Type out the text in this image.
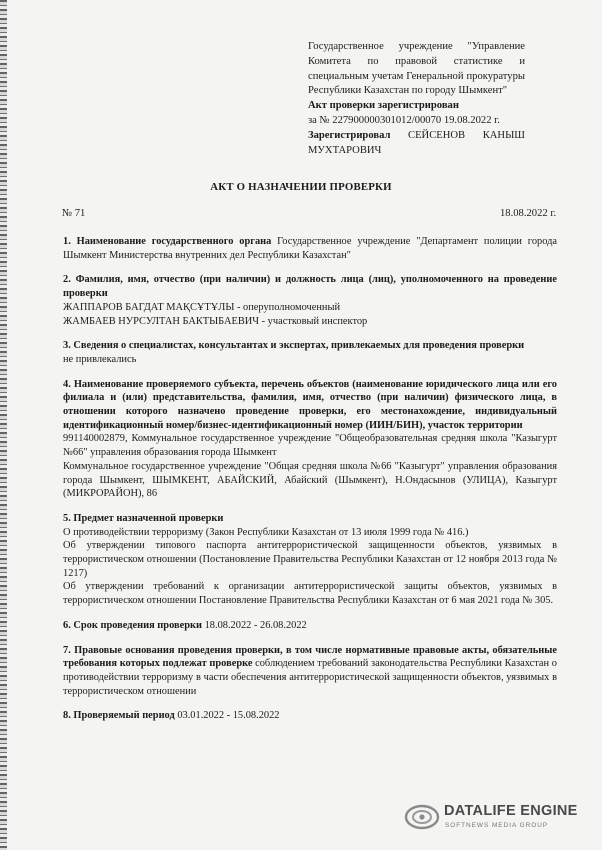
Государственное учреждение "Управление Комитета по правовой статистике и специальным учетам Генеральной прокуратуры Республики Казахстан по городу Шымкент"

Акт проверки зарегистрирован

за № 227900000301012/00070 19.08.2022 г.

Зарегистрировал СЕЙСЕНОВ КАНЫШ

МУХТАРОВИЧ

АКТ О НАЗНАЧЕНИИ ПРОВЕРКИ
№ 71	18.08.2022 г.

1. Наименование государственного органа Государственное учреждение "Департамент полиции города Шымкент Министерства внутренних дел Республики Казахстан"

2. Фамилия, имя, отчество (при наличии) и должность лица (лиц), уполномоченного на проведение проверки

ЖАППАРОВ БАГДАТ МАҚСҰТҰЛЫ - оперуполномоченный

ЖАМБАЕВ НУРСУЛТАН БАКТЫБАЕВИЧ - участковый инспектор

3. Сведения о специалистах, консультантах и экспертах, привлекаемых для проведения проверки

не привлекались

4. Наименование проверяемого субъекта, перечень объектов (наименование юридического лица или его филиала и (или) представительства, фамилия, имя, отчество (при наличии) физического лица, в отношении которого назначено проведение проверки, его местонахождение, индивидуальный идентификационный номер/бизнес-идентификационный номер (ИИН/БИН), участок территории

991140002879, Коммунальное государственное учреждение "Общеобразовательная средняя школа "Казыгурт №66" управления образования города Шымкент

Коммунальное государственное учреждение "Общая средняя школа №66 "Казыгурт" управления образования города Шымкент, ШЫМКЕНТ, АБАЙСКИЙ, Абайский (Шымкент), Н.Ондасынов (УЛИЦА), Казыгурт (МИКРОРАЙОН), 86

5. Предмет назначенной проверки

О противодействии терроризму (Закон Республики Казахстан от 13 июля 1999 года № 416.)

Об утверждении типового паспорта антитеррористической защищенности объектов, уязвимых в террористическом отношении (Постановление Правительства Республики Казахстан от 12 ноября 2013 года № 1217)

Об утверждении требований к организации антитеррористической защиты объектов, уязвимых в террористическом отношении Постановление Правительства Республики Казахстан от 6 мая 2021 года № 305.

6. Срок проведения проверки 18.08.2022 - 26.08.2022

7. Правовые основания проведения проверки, в том числе нормативные правовые акты, обязательные требования которых подлежат проверке соблюдением требований законодательства Республики Казахстан о противодействии терроризму в части обеспечения антитеррористической защищенности объектов, уязвимых в террористическом отношении

8. Проверяемый период 03.01.2022 - 15.08.2022

DATALIFE ENGINE
SOFTNEWS MEDIA GROUP
